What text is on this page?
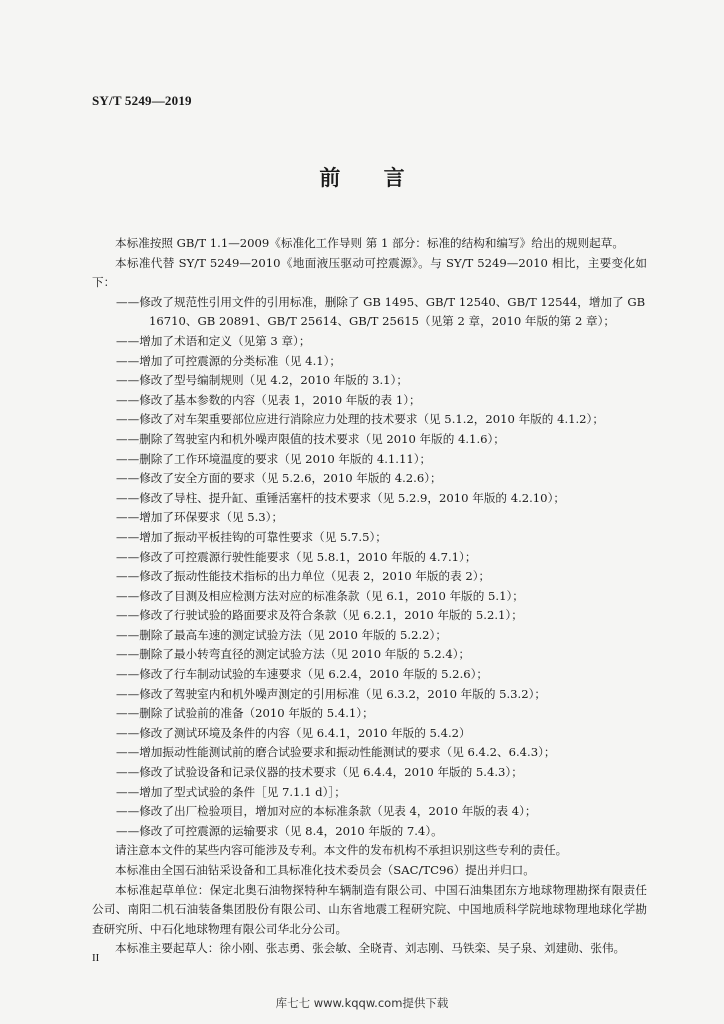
SY/T 5249—2019
前 言
本标准按照 GB/T 1.1—2009《标准化工作导则 第 1 部分：标准的结构和编写》给出的规则起草。
本标准代替 SY/T 5249—2010《地面液压驱动可控震源》。与 SY/T 5249—2010 相比，主要变化如下：
——修改了规范性引用文件的引用标准，删除了 GB 1495、GB/T 12540、GB/T 12544，增加了 GB 16710、GB 20891、GB/T 25614、GB/T 25615（见第 2 章，2010 年版的第 2 章）；
——增加了术语和定义（见第 3 章）；
——增加了可控震源的分类标准（见 4.1）；
——修改了型号编制规则（见 4.2，2010 年版的 3.1）；
——修改了基本参数的内容（见表 1，2010 年版的表 1）；
——修改了对车架重要部位应进行消除应力处理的技术要求（见 5.1.2，2010 年版的 4.1.2）；
——删除了驾驶室内和机外噪声限值的技术要求（见 2010 年版的 4.1.6）；
——删除了工作环境温度的要求（见 2010 年版的 4.1.11）；
——修改了安全方面的要求（见 5.2.6，2010 年版的 4.2.6）；
——修改了导柱、提升缸、重锤活塞杆的技术要求（见 5.2.9，2010 年版的 4.2.10）；
——增加了环保要求（见 5.3）；
——增加了振动平板挂钩的可靠性要求（见 5.7.5）；
——修改了可控震源行驶性能要求（见 5.8.1，2010 年版的 4.7.1）；
——修改了振动性能技术指标的出力单位（见表 2，2010 年版的表 2）；
——修改了目测及相应检测方法对应的标准条款（见 6.1，2010 年版的 5.1）；
——修改了行驶试验的路面要求及符合条款（见 6.2.1，2010 年版的 5.2.1）；
——删除了最高车速的测定试验方法（见 2010 年版的 5.2.2）；
——删除了最小转弯直径的测定试验方法（见 2010 年版的 5.2.4）；
——修改了行车制动试验的车速要求（见 6.2.4，2010 年版的 5.2.6）；
——修改了驾驶室内和机外噪声测定的引用标准（见 6.3.2，2010 年版的 5.3.2）；
——删除了试验前的准备（2010 年版的 5.4.1）；
——修改了测试环境及条件的内容（见 6.4.1，2010 年版的 5.4.2）
——增加振动性能测试前的磨合试验要求和振动性能测试的要求（见 6.4.2、6.4.3）；
——修改了试验设备和记录仪器的技术要求（见 6.4.4，2010 年版的 5.4.3）；
——增加了型式试验的条件［见 7.1.1 d）］；
——修改了出厂检验项目，增加对应的本标准条款（见表 4，2010 年版的表 4）；
——修改了可控震源的运输要求（见 8.4，2010 年版的 7.4）。
请注意本文件的某些内容可能涉及专利。本文件的发布机构不承担识别这些专利的责任。
本标准由全国石油钻采设备和工具标准化技术委员会（SAC/TC96）提出并归口。
本标准起草单位：保定北奥石油物探特种车辆制造有限公司、中国石油集团东方地球物理勘探有限责任公司、南阳二机石油装备集团股份有限公司、山东省地震工程研究院、中国地质科学院地球物理地球化学勘查研究所、中石化地球物理有限公司华北分公司。
本标准主要起草人：徐小刚、张志勇、张会敏、全晓青、刘志刚、马铁栾、吴子泉、刘建勋、张伟。
II
库七七 www.kqqw.com提供下载
